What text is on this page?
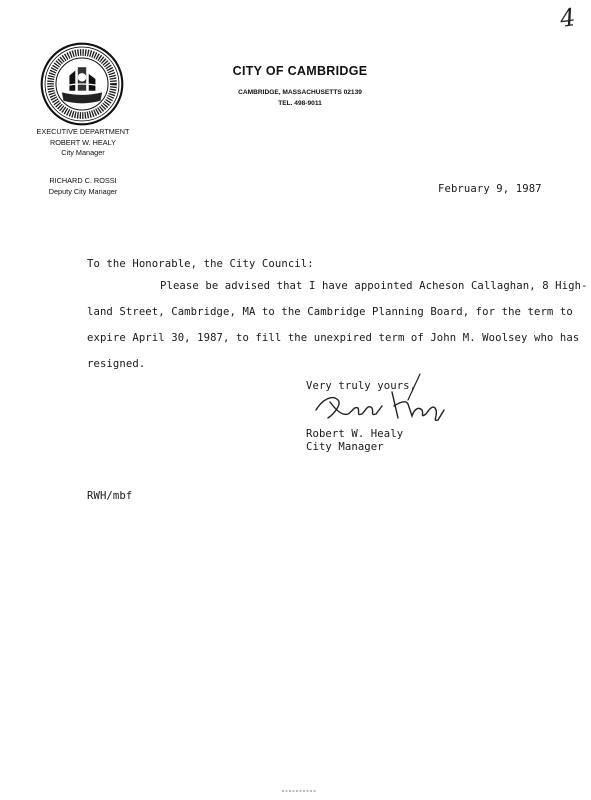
4
CITY OF CAMBRIDGE
CAMBRIDGE, MASSACHUSETTS 02139
TEL. 498-9011
EXECUTIVE DEPARTMENT
ROBERT W. HEALY
City Manager
RICHARD C. ROSSI
Deputy City Manager	February 9, 1987
To the Honorable, the City Council:
Please be advised that I have appointed Acheson Callaghan, 8 High-
land Street, Cambridge, MA to the Cambridge Planning Board, for the term to
expire April 30, 1987, to fill the unexpired term of John M. Woolsey who has
resigned.
Very truly yours,
Robert W. Healy
City Manager
RWH/mbf
